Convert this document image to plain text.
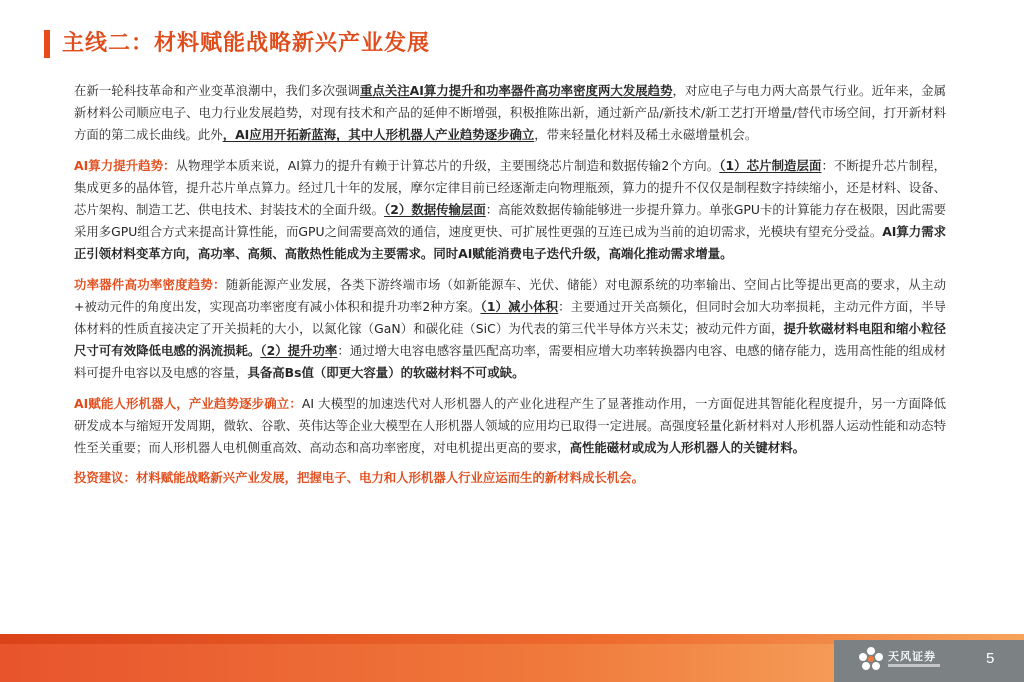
主线二：材料赋能战略新兴产业发展

在新一轮科技革命和产业变革浪潮中，我们多次强调重点关注AI算力提升和功率器件高功率密度两大发展趋势，对应电子与电力两大高景气行业。近年来，金属新材料公司顺应电子、电力行业发展趋势，对现有技术和产品的延伸不断增强，积极推陈出新，通过新产品/新技术/新工艺打开增量/替代市场空间，打开新材料方面的第二成长曲线。此外，AI应用开拓新蓝海，其中人形机器人产业趋势逐步确立，带来轻量化材料及稀土永磁增量机会。

AI算力提升趋势：从物理学本质来说，AI算力的提升有赖于计算芯片的升级，主要围绕芯片制造和数据传输2个方向。（1）芯片制造层面：不断提升芯片制程，集成更多的晶体管，提升芯片单点算力。经过几十年的发展，摩尔定律目前已经逐渐走向物理瓶颈，算力的提升不仅仅是制程数字持续缩小，还是材料、设备、芯片架构、制造工艺、供电技术、封装技术的全面升级。（2）数据传输层面：高能效数据传输能够进一步提升算力。单张GPU卡的计算能力存在极限，因此需要采用多GPU组合方式来提高计算性能，而GPU之间需要高效的通信，速度更快、可扩展性更强的互连已成为当前的迫切需求，光模块有望充分受益。AI算力需求正引领材料变革方向，高功率、高频、高散热性能成为主要需求。同时AI赋能消费电子迭代升级，高端化推动需求增量。

功率器件高功率密度趋势：随新能源产业发展，各类下游终端市场（如新能源车、光伏、储能）对电源系统的功率输出、空间占比等提出更高的要求，从主动+被动元件的角度出发，实现高功率密度有减小体积和提升功率2种方案。（1）减小体积：主要通过开关高频化，但同时会加大功率损耗，主动元件方面，半导体材料的性质直接决定了开关损耗的大小，以氮化镓（GaN）和碳化硅（SiC）为代表的第三代半导体方兴未艾；被动元件方面，提升软磁材料电阻和缩小粒径尺寸可有效降低电感的涡流损耗。（2）提升功率：通过增大电容电感容量匹配高功率，需要相应增大功率转换器内电容、电感的储存能力，选用高性能的组成材料可提升电容以及电感的容量，具备高Bs值（即更大容量）的软磁材料不可或缺。

AI赋能人形机器人，产业趋势逐步确立：AI 大模型的加速迭代对人形机器人的产业化进程产生了显著推动作用，一方面促进其智能化程度提升，另一方面降低研发成本与缩短开发周期，微软、谷歌、英伟达等企业大模型在人形机器人领域的应用均已取得一定进展。高强度轻量化新材料对人形机器人运动性能和动态特性至关重要；而人形机器人电机侧重高效、高动态和高功率密度，对电机提出更高的要求，高性能磁材或成为人形机器人的关键材料。

投资建议：材料赋能战略新兴产业发展，把握电子、电力和人形机器人行业应运而生的新材料成长机会。

天风证券	5
